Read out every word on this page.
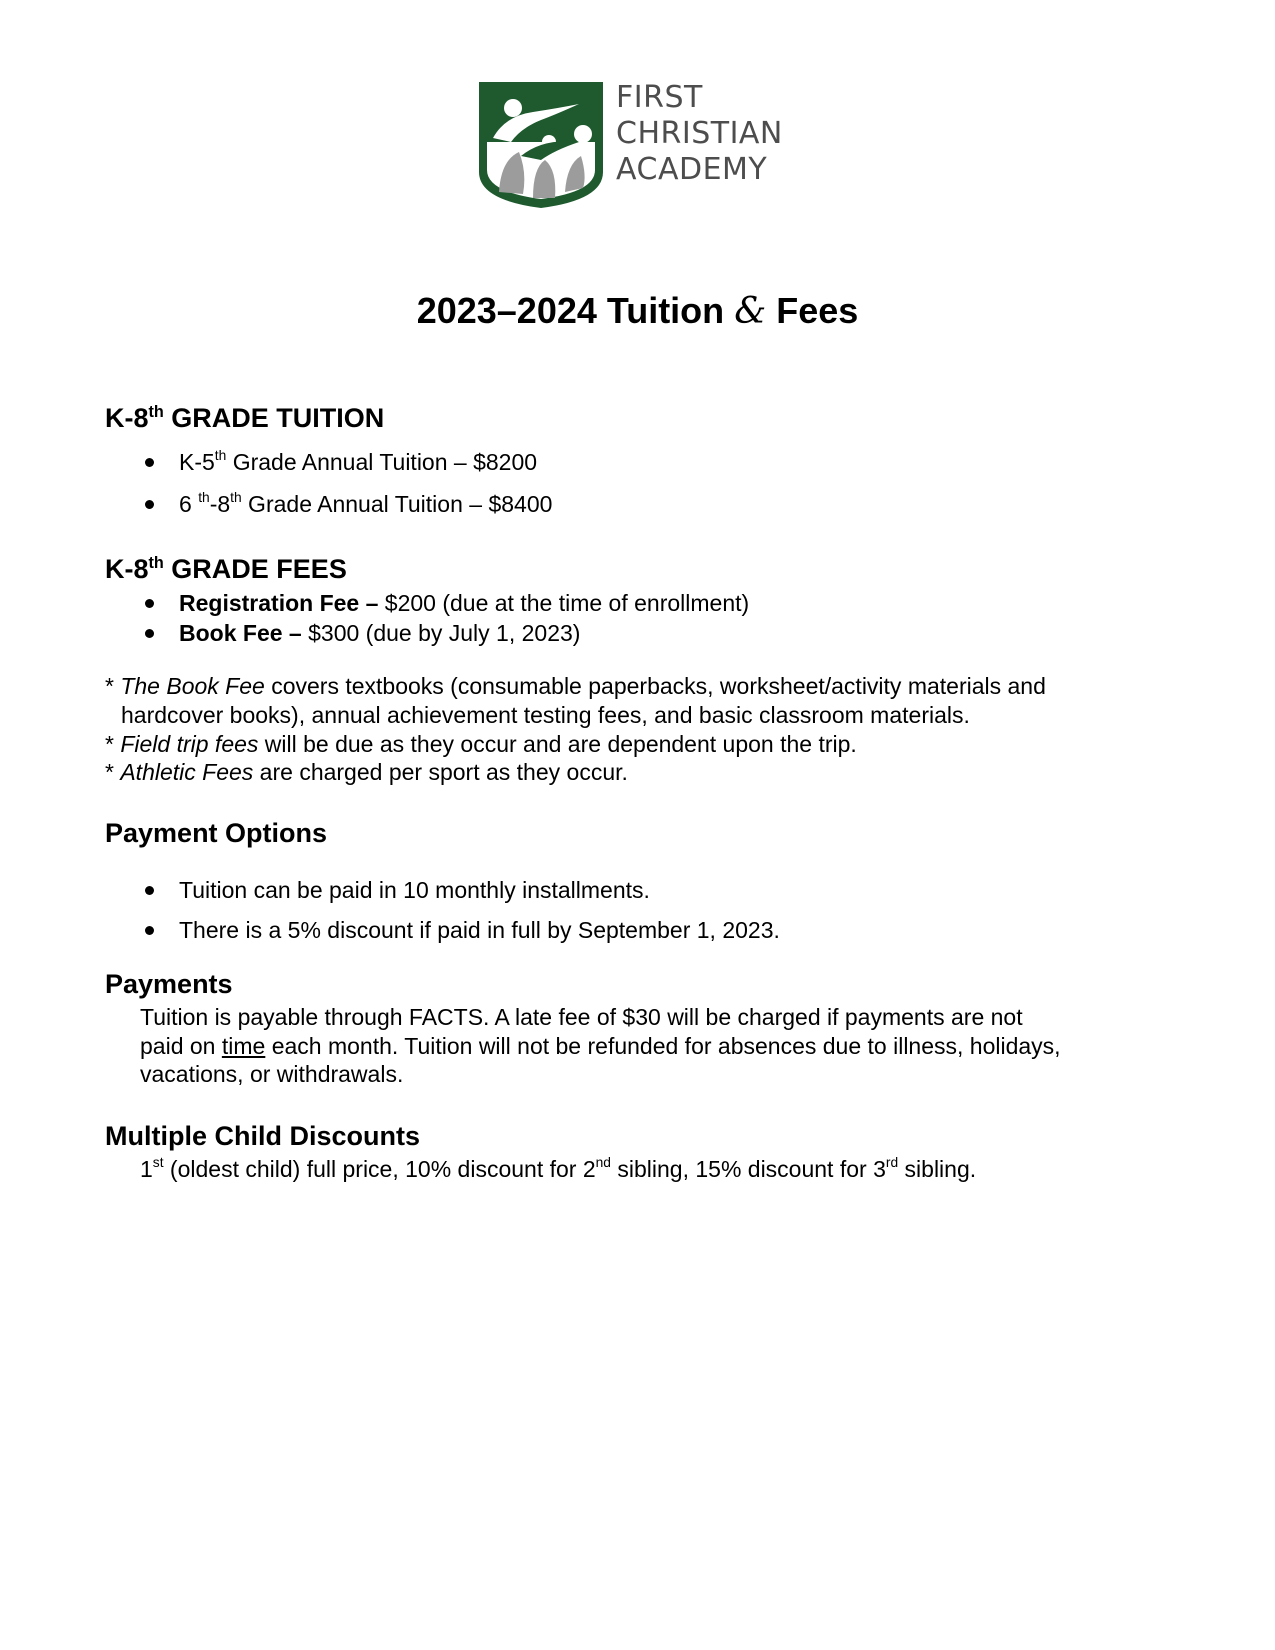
FIRST
CHRISTIAN
ACADEMY
2023–2024 Tuition & Fees
K-8th GRADE TUITION
K-5th Grade Annual Tuition – $8200
6 $^{th}$-8th Grade Annual Tuition – $8400
K-8th GRADE FEES
Registration Fee – $200 (due at the time of enrollment)
Book Fee – $300 (due by July 1, 2023)
* The Book Fee covers textbooks (consumable paperbacks, worksheet/activity materials and
hardcover books), annual achievement testing fees, and basic classroom materials.
* Field trip fees will be due as they occur and are dependent upon the trip.
* Athletic Fees are charged per sport as they occur.
Payment Options
Tuition can be paid in 10 monthly installments.
There is a 5% discount if paid in full by September 1, 2023.
Payments
Tuition is payable through FACTS. A late fee of $30 will be charged if payments are not
paid on time each month. Tuition will not be refunded for absences due to illness, holidays,
vacations, or withdrawals.
Multiple Child Discounts
1st (oldest child) full price, 10% discount for 2nd sibling, 15% discount for 3rd sibling.
